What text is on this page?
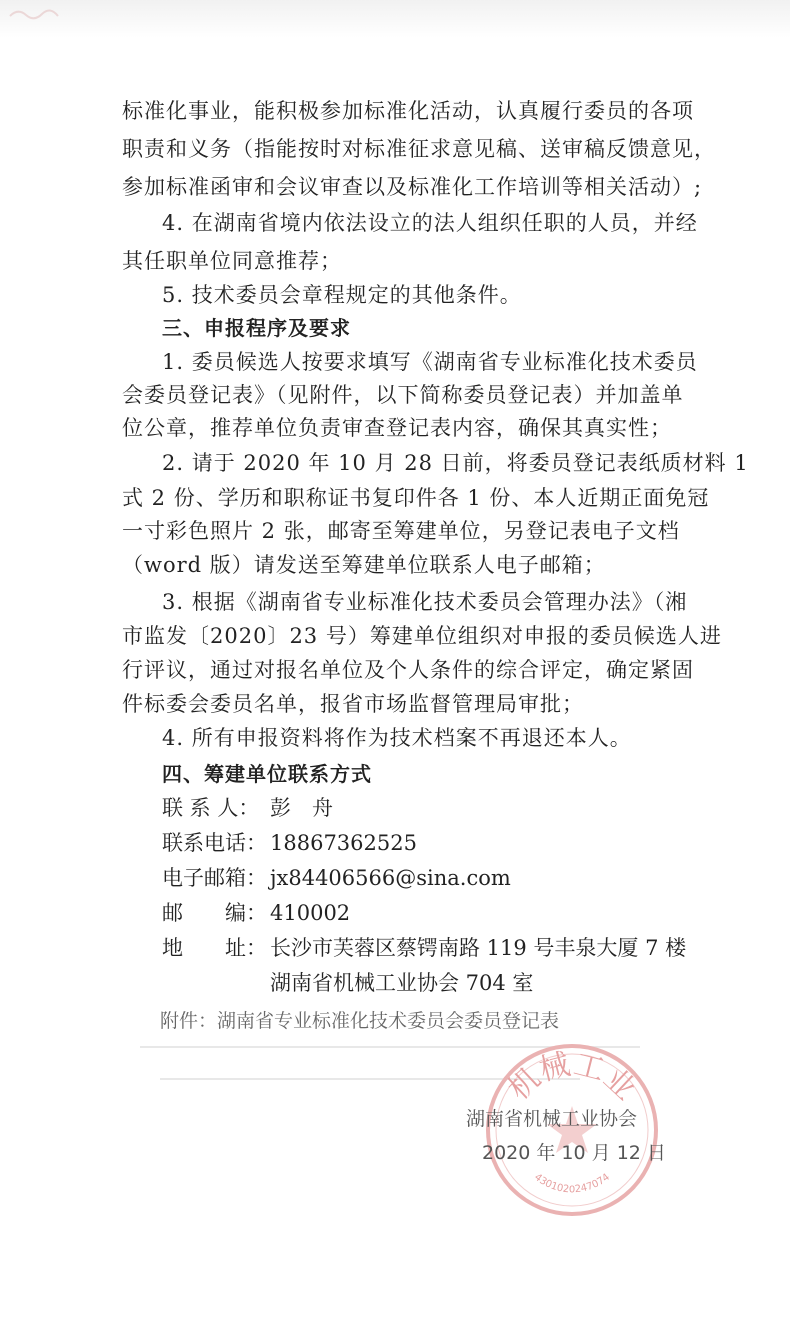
标准化事业，能积极参加标准化活动，认真履行委员的各项
职责和义务（指能按时对标准征求意见稿、送审稿反馈意见，
参加标准函审和会议审查以及标准化工作培训等相关活动）;
4. 在湖南省境内依法设立的法人组织任职的人员，并经
其任职单位同意推荐；
5. 技术委员会章程规定的其他条件。
三、申报程序及要求
1. 委员候选人按要求填写《湖南省专业标准化技术委员
会委员登记表》（见附件，以下简称委员登记表）并加盖单
位公章，推荐单位负责审查登记表内容，确保其真实性；
2. 请于 2020 年 10 月 28 日前，将委员登记表纸质材料 1
式 2 份、学历和职称证书复印件各 1 份、本人近期正面免冠
一寸彩色照片 2 张，邮寄至筹建单位，另登记表电子文档
（word 版）请发送至筹建单位联系人电子邮箱；
3. 根据《湖南省专业标准化技术委员会管理办法》（湘
市监发〔2020〕23 号）筹建单位组织对申报的委员候选人进
行评议，通过对报名单位及个人条件的综合评定，确定紧固
件标委会委员名单，报省市场监督管理局审批；
4. 所有申报资料将作为技术档案不再退还本人。
四、筹建单位联系方式
联 系 人： 彭　舟
联系电话： 18867362525
电子邮箱： jx84406566@sina.com
邮　　编： 410002
地　　址： 长沙市芙蓉区蔡锷南路 119 号丰泉大厦 7 楼
湖南省机械工业协会 704 室
附件：湖南省专业标准化技术委员会委员登记表
机械工业
4301020247074
湖南省机械工业协会
2020 年 10 月 12 日
